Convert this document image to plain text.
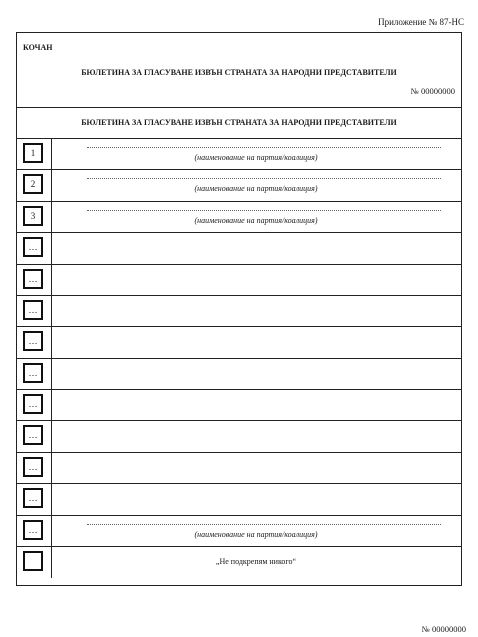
Приложение № 87-НС
КОЧАН
БЮЛЕТИНА ЗА ГЛАСУВАНЕ ИЗВЪН СТРАНАТА ЗА НАРОДНИ ПРЕДСТАВИТЕЛИ
№ 00000000
БЮЛЕТИНА ЗА ГЛАСУВАНЕ ИЗВЪН СТРАНАТА ЗА НАРОДНИ ПРЕДСТАВИТЕЛИ
1	(наименование на партия/коалиция)
2	(наименование на партия/коалиция)
3	(наименование на партия/коалиция)
…
…
…
…
…
…
…
…
…
…	(наименование на партия/коалиция)
„Не подкрепям никого“
№ 00000000
